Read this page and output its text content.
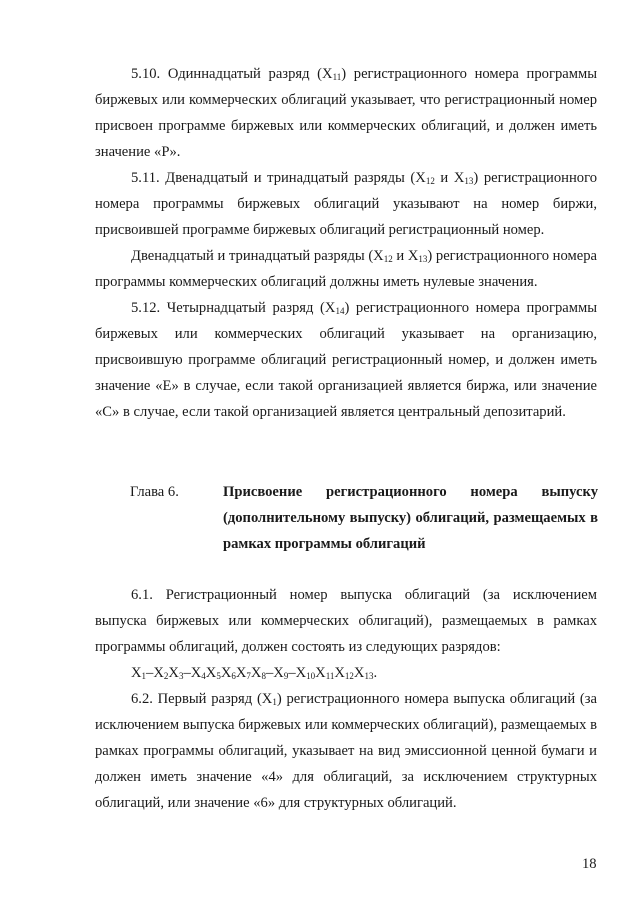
5.10. Одиннадцатый разряд $(X_{11})$ регистрационного номера программы биржевых или коммерческих облигаций указывает, что регистрационный номер присвоен программе биржевых или коммерческих облигаций, и должен иметь значение «P».

5.11. Двенадцатый и тринадцатый разряды ($X_{12}$ и $X_{13}$) регистрационного номера программы биржевых облигаций указывают на номер биржи, присвоившей программе биржевых облигаций регистрационный номер.

Двенадцатый и тринадцатый разряды ($X_{12}$ и $X_{13}$) регистрационного номера программы коммерческих облигаций должны иметь нулевые значения.

5.12. Четырнадцатый разряд $(X_{14})$ регистрационного номера программы биржевых или коммерческих облигаций указывает на организацию, присвоившую программе облигаций регистрационный номер, и должен иметь значение «E» в случае, если такой организацией является биржа, или значение «C» в случае, если такой организацией является центральный депозитарий.

Глава 6.	Присвоение регистрационного номера выпуску (дополнительному выпуску) облигаций, размещаемых в рамках программы облигаций

6.1. Регистрационный номер выпуска облигаций (за исключением выпуска биржевых или коммерческих облигаций), размещаемых в рамках программы облигаций, должен состоять из следующих разрядов:

$X_1-X_2X_3-X_4X_5X_6X_7X_8-X_9-X_{10}X_{11}X_{12}X_{13}$.

6.2. Первый разряд $(X_1)$ регистрационного номера выпуска облигаций (за исключением выпуска биржевых или коммерческих облигаций), размещаемых в рамках программы облигаций, указывает на вид эмиссионной ценной бумаги и должен иметь значение «4» для облигаций, за исключением структурных облигаций, или значение «6» для структурных облигаций.

18
